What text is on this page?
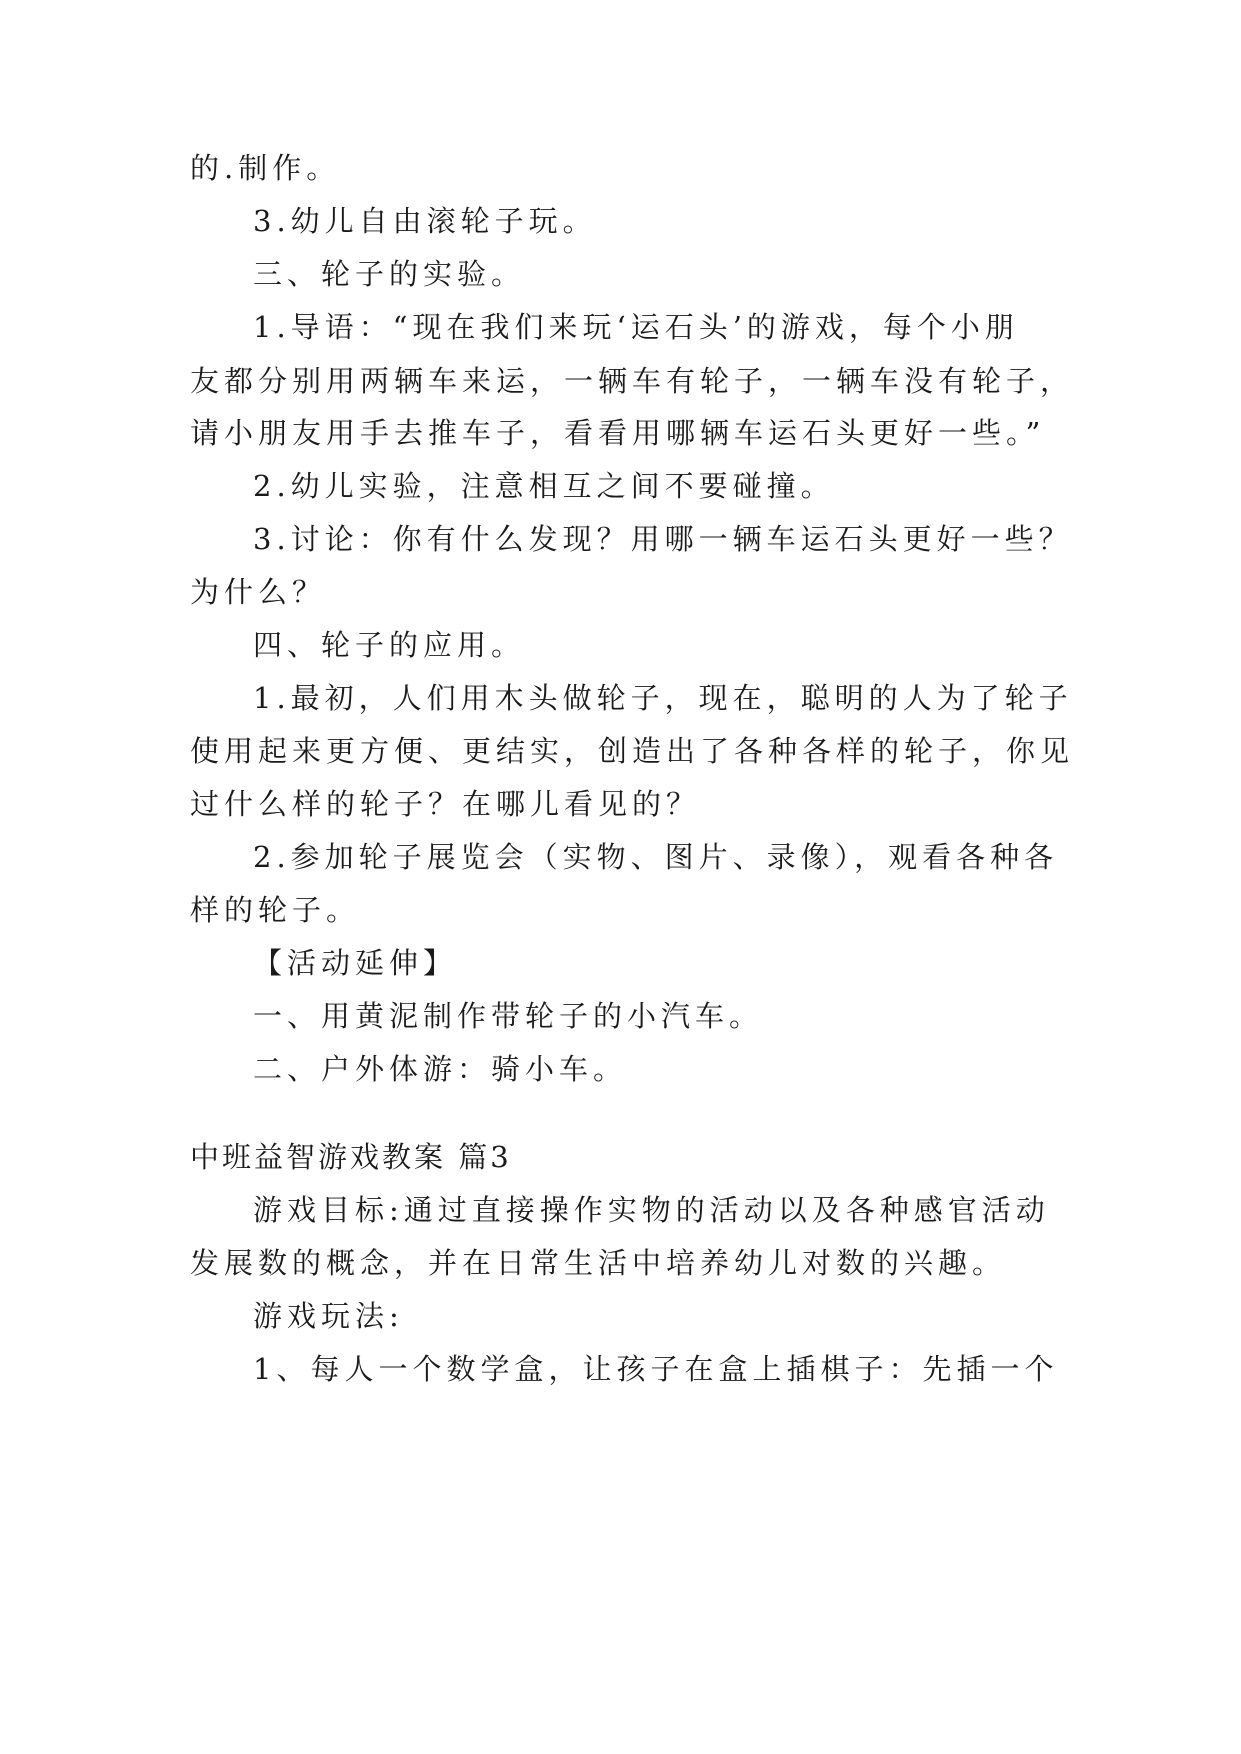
的.制作。
3.幼儿自由滚轮子玩。
三、轮子的实验。
1.导语：“现在我们来玩‘运石头’的游戏，每个小朋
友都分别用两辆车来运，一辆车有轮子，一辆车没有轮子，
请小朋友用手去推车子，看看用哪辆车运石头更好一些。”
2.幼儿实验，注意相互之间不要碰撞。
3.讨论：你有什么发现？用哪一辆车运石头更好一些？
为什么？
四、轮子的应用。
1.最初，人们用木头做轮子，现在，聪明的人为了轮子
使用起来更方便、更结实，创造出了各种各样的轮子，你见
过什么样的轮子？在哪儿看见的？
2.参加轮子展览会（实物、图片、录像），观看各种各
样的轮子。
【活动延伸】
一、用黄泥制作带轮子的小汽车。
二、户外体游：骑小车。
中班益智游戏教案 篇3
游戏目标:通过直接操作实物的活动以及各种感官活动
发展数的概念，并在日常生活中培养幼儿对数的兴趣。
游戏玩法:
1、每人一个数学盒，让孩子在盒上插棋子：先插一个
